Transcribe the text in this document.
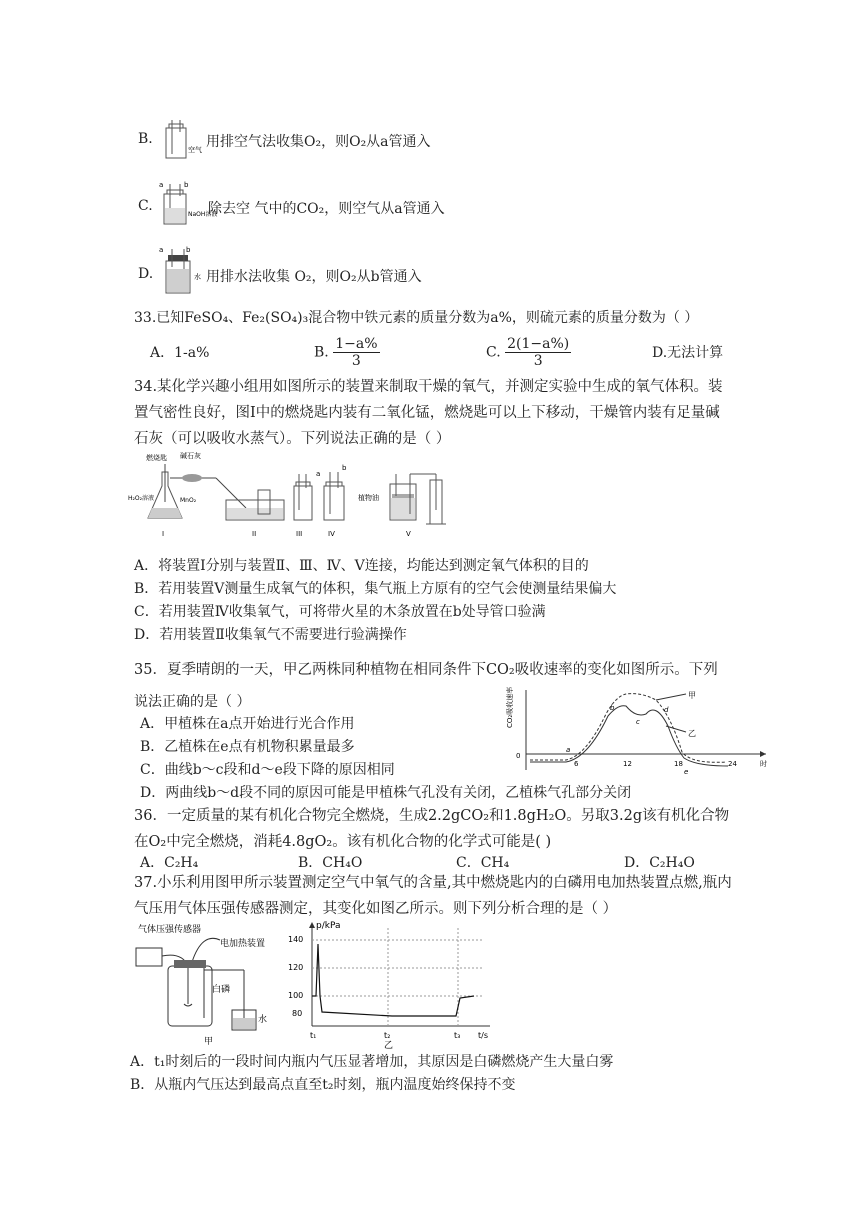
B.
空气 用排空气法收集O₂，则O₂从a管通入
C.
a	b
NaOH溶液
除去空 气中的CO₂，则空气从a管通入
D.
a	b
水 用排水法收集 O₂，则O₂从b管通入
33.已知FeSO₄、Fe₂(SO₄)₃混合物中铁元素的质量分数为a%，则硫元素的质量分数为（ ）
A．1-a%	B. $\frac{1-a\%}{3}$	C. $\frac{2(1-a\%)}{3}$	D.无法计算
34.某化学兴趣小组用如图所示的装置来制取干燥的氧气，并测定实验中生成的氧气体积。装置气密性良好，图Ⅰ中的燃烧匙内装有二氧化锰，燃烧匙可以上下移动，干燥管内装有足量碱石灰（可以吸收水蒸气）。下列说法正确的是（ ）
燃烧匙 碱石灰
H₂O₂溶液	MnO₂
I	II	III
a
b
IV
植物油
V
A．将装置Ⅰ分别与装置Ⅱ、Ⅲ、Ⅳ、Ⅴ连接，均能达到测定氧气体积的目的
B．若用装置Ⅴ测量生成氧气的体积，集气瓶上方原有的空气会使测量结果偏大
C．若用装置Ⅳ收集氧气，可将带火星的木条放置在b处导管口验满
D．若用装置Ⅱ收集氧气不需要进行验满操作
35．夏季晴朗的一天，甲乙两株同种植物在相同条件下CO₂吸收速率的变化如图所示。下列
说法正确的是（ ）
A．甲植株在a点开始进行光合作用
B．乙植株在e点有机物积累量最多
C．曲线b～c段和d～e段下降的原因相同
D．两曲线b～d段不同的原因可能是甲植株气孔没有关闭，乙植株气孔部分关闭
CO₂吸收速率
0
6	12	18	24	时
甲
乙
a
b
c
d
e
36．一定质量的某有机化合物完全燃烧，生成2.2gCO₂和1.8gH₂O。另取3.2g该有机化合物在O₂中完全燃烧，消耗4.8gO₂。该有机化合物的化学式可能是( )
A．C₂H₄	B．CH₄O	C．CH₄	D．C₂H₄O
37.小乐利用图甲所示装置测定空气中氧气的含量,其中燃烧匙内的白磷用电加热装置点燃,瓶内气压用气体压强传感器测定，其变化如图乙所示。则下列分析合理的是（ ）
气体压强传感器
电加热装置
白磷
水
甲
p/kPa
140
120
100
80
t₁	t₂	t₃ t/s
乙
A．t₁时刻后的一段时间内瓶内气压显著增加，其原因是白磷燃烧产生大量白雾
B．从瓶内气压达到最高点直至t₂时刻，瓶内温度始终保持不变
